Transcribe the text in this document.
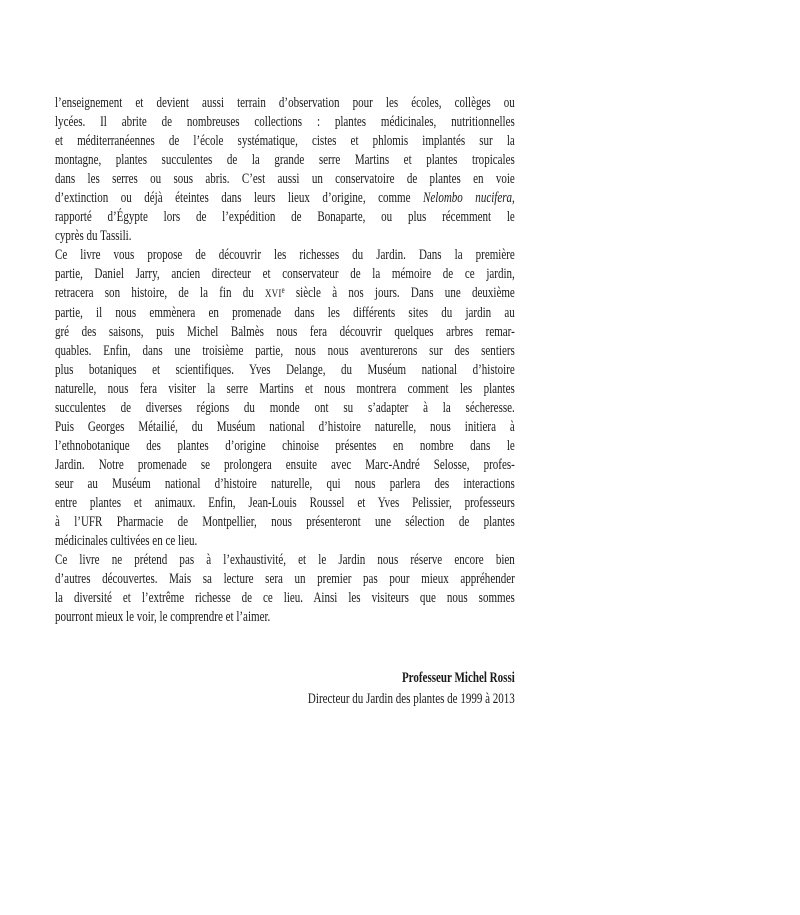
l’enseignement et devient aussi terrain d’observation pour les écoles, collèges ou
lycées. Il abrite de nombreuses collections : plantes médicinales, nutritionnelles
et méditerranéennes de l’école systématique, cistes et phlomis implantés sur la
montagne, plantes succulentes de la grande serre Martins et plantes tropicales
dans les serres ou sous abris. C’est aussi un conservatoire de plantes en voie
d’extinction ou déjà éteintes dans leurs lieux d’origine, comme Nelombo nucifera,
rapporté d’Égypte lors de l’expédition de Bonaparte, ou plus récemment le
cyprès du Tassili.
Ce livre vous propose de découvrir les richesses du Jardin. Dans la première
partie, Daniel Jarry, ancien directeur et conservateur de la mémoire de ce jardin,
retracera son histoire, de la fin du XVIe siècle à nos jours. Dans une deuxième
partie, il nous emmènera en promenade dans les différents sites du jardin au
gré des saisons, puis Michel Balmès nous fera découvrir quelques arbres remar-
quables. Enfin, dans une troisième partie, nous nous aventurerons sur des sentiers
plus botaniques et scientifiques. Yves Delange, du Muséum national d’histoire
naturelle, nous fera visiter la serre Martins et nous montrera comment les plantes
succulentes de diverses régions du monde ont su s’adapter à la sécheresse.
Puis Georges Métailié, du Muséum national d’histoire naturelle, nous initiera à
l’ethnobotanique des plantes d’origine chinoise présentes en nombre dans le
Jardin. Notre promenade se prolongera ensuite avec Marc-André Selosse, profes-
seur au Muséum national d’histoire naturelle, qui nous parlera des interactions
entre plantes et animaux. Enfin, Jean-Louis Roussel et Yves Pelissier, professeurs
à l’UFR Pharmacie de Montpellier, nous présenteront une sélection de plantes
médicinales cultivées en ce lieu.
Ce livre ne prétend pas à l’exhaustivité, et le Jardin nous réserve encore bien
d’autres découvertes. Mais sa lecture sera un premier pas pour mieux appréhender
la diversité et l’extrême richesse de ce lieu. Ainsi les visiteurs que nous sommes
pourront mieux le voir, le comprendre et l’aimer.
Professeur Michel Rossi
Directeur du Jardin des plantes de 1999 à 2013
